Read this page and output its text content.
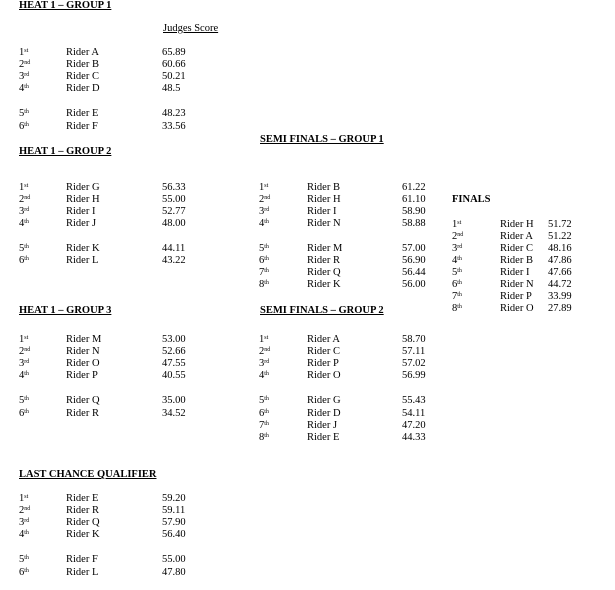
HEAT 1 – GROUP 1
Judges Score
1st	Rider A	65.89
2nd	Rider B	60.66
3rd	Rider C	50.21
4th	Rider D	48.5
5th	Rider E	48.23
6th	Rider F	33.56
HEAT 1 – GROUP 2
1st	Rider G	56.33
2nd	Rider H	55.00
3rd	Rider I	52.77
4th	Rider J	48.00
5th	Rider K	44.11
6th	Rider L	43.22
HEAT 1 – GROUP 3
1st	Rider M	53.00
2nd	Rider N	52.66
3rd	Rider O	47.55
4th	Rider P	40.55
5th	Rider Q	35.00
6th	Rider R	34.52
LAST CHANCE QUALIFIER
1st	Rider E	59.20
2nd	Rider R	59.11
3rd	Rider Q	57.90
4th	Rider K	56.40
5th	Rider F	55.00
6th	Rider L	47.80
SEMI FINALS – GROUP 1
1st	Rider B	61.22
2nd	Rider H	61.10
3rd	Rider I	58.90
4th	Rider N	58.88
5th	Rider M	57.00
6th	Rider R	56.90
7th	Rider Q	56.44
8th	Rider K	56.00
SEMI FINALS – GROUP 2
1st	Rider A	58.70
2nd	Rider C	57.11
3rd	Rider P	57.02
4th	Rider O	56.99
5th	Rider G	55.43
6th	Rider D	54.11
7th	Rider J	47.20
8th	Rider E	44.33
FINALS
1st	Rider H 51.72
2nd	Rider A 51.22
3rd	Rider C 48.16
4th	Rider B 47.86
5th	Rider I 47.66
6th	Rider N 44.72
7th	Rider P 33.99
8th	Rider O 27.89
